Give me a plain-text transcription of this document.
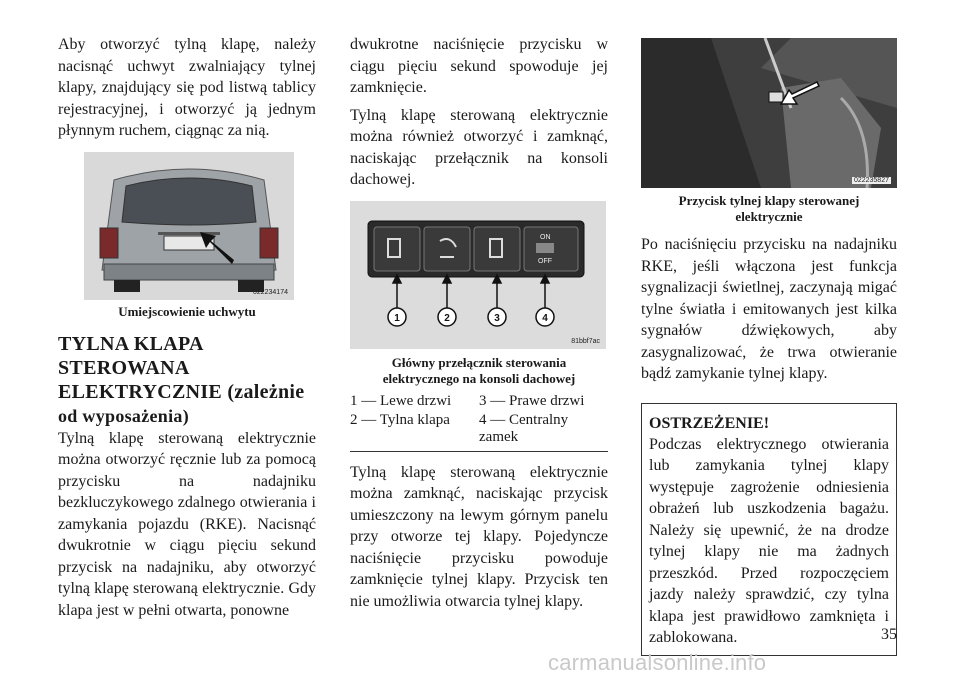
Aby otworzyć tylną klapę, należy nacisnąć uchwyt zwalniający tylnej klapy, znajdujący się pod listwą tablicy rejestracyjnej, i otworzyć ją jednym płynnym ruchem, ciągnąc za nią.

022234174
Umiejscowienie uchwytu
TYLNA KLAPA
STEROWANA
ELEKTRYCZNIE (zależnie
od wyposażenia)

Tylną klapę sterowaną elektrycznie można otworzyć ręcznie lub za pomocą przycisku na nadajniku bezkluczykowego zdalnego otwierania i zamykania pojazdu (RKE). Nacisnąć dwukrotnie w ciągu pięciu sekund przycisk na nadajniku, aby otworzyć tylną klapę sterowaną elektrycznie. Gdy klapa jest w pełni otwarta, ponowne

dwukrotne naciśnięcie przycisku w ciągu pięciu sekund spowoduje jej zamknięcie.

Tylną klapę sterowaną elektrycznie można również otworzyć i zamknąć, naciskając przełącznik na konsoli dachowej.

ON
OFF
1	2	3	4
81bbf7ac
Główny przełącznik sterowania
elektrycznego na konsoli dachowej
1 — Lewe drzwi	3 — Prawe drzwi
2 — Tylna klapa	4 — Centralny
zamek

Tylną klapę sterowaną elektrycznie można zamknąć, naciskając przycisk umieszczony na lewym górnym panelu przy otworze tej klapy. Pojedyncze naciśnięcie przycisku powoduje zamknięcie tylnej klapy. Przycisk ten nie umożliwia otwarcia tylnej klapy.

022235827
Przycisk tylnej klapy sterowanej
elektrycznie

Po naciśnięciu przycisku na nadajniku RKE, jeśli włączona jest funkcja sygnalizacji świetlnej, zaczynają migać tylne światła i emitowanych jest kilka sygnałów dźwiękowych, aby zasygnalizować, że trwa otwieranie bądź zamykanie tylnej klapy.

OSTRZEŻENIE!

Podczas elektrycznego otwierania lub zamykania tylnej klapy występuje zagrożenie odniesienia obrażeń lub uszkodzenia bagażu. Należy się upewnić, że na drodze tylnej klapy nie ma żadnych przeszkód. Przed rozpoczęciem jazdy należy sprawdzić, czy tylna klapa jest prawidłowo zamknięta i zablokowana.	35
carmanualsonline.info
